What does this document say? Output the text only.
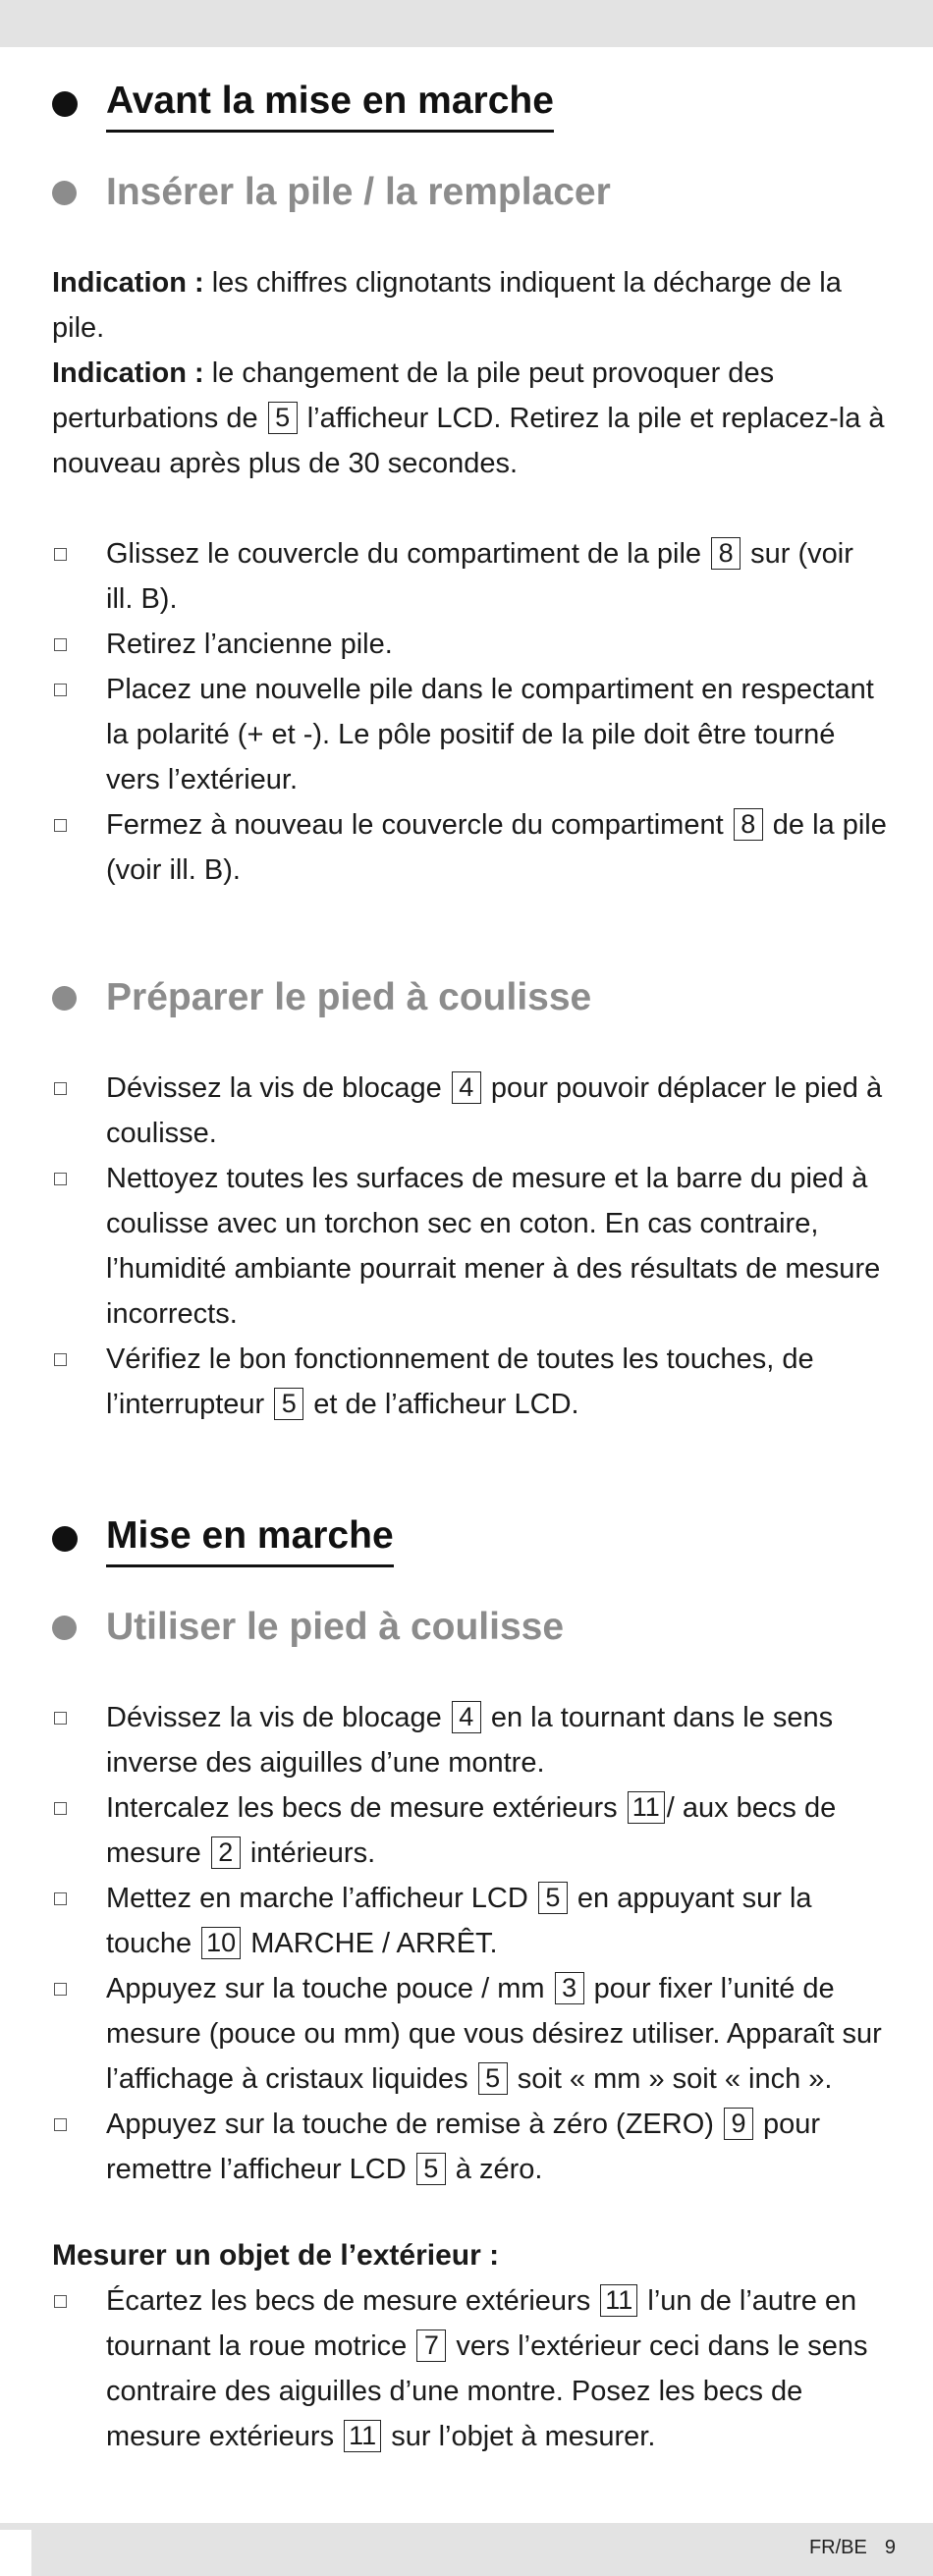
Avant la mise en marche
Insérer la pile / la remplacer

Indication : les chiffres clignotants indiquent la décharge de la pile.

Indication : le changement de la pile peut provoquer des perturbations de 5 l’afficheur LCD. Retirez la pile et replacez-la à nouveau après plus de 30 secondes.

Glissez le couvercle du compartiment de la pile 8 sur (voir ill. B).
Retirez l’ancienne pile.
Placez une nouvelle pile dans le compartiment en respectant la polarité (+ et -). Le pôle positif de la pile doit être tourné vers l’extérieur.
Fermez à nouveau le couvercle du compartiment 8 de la pile (voir ill. B).
Préparer le pied à coulisse
Dévissez la vis de blocage 4 pour pouvoir déplacer le pied à coulisse.
Nettoyez toutes les surfaces de mesure et la barre du pied à coulisse avec un torchon sec en coton. En cas contraire, l’humidité ambiante pourrait mener à des résultats de mesure incorrects.
Vérifiez le bon fonctionnement de toutes les touches, de l’interrupteur 5 et de l’afficheur LCD.
Mise en marche
Utiliser le pied à coulisse
Dévissez la vis de blocage 4 en la tournant dans le sens inverse des aiguilles d’une montre.
Intercalez les becs de mesure extérieurs 11 / aux becs de mesure 2 intérieurs.
Mettez en marche l’afficheur LCD 5 en appuyant sur la touche 10 MARCHE / ARRÊT.
Appuyez sur la touche pouce / mm 3 pour fixer l’unité de mesure (pouce ou mm) que vous désirez utiliser. Apparaît sur l’affichage à cristaux liquides 5 soit « mm » soit « inch ».
Appuyez sur la touche de remise à zéro (ZERO) 9 pour remettre l’afficheur LCD 5 à zéro.

Mesurer un objet de l’extérieur :

Écartez les becs de mesure extérieurs 11 l’un de l’autre en tournant la roue motrice 7 vers l’extérieur ceci dans le sens contraire des aiguilles d’une montre. Posez les becs de mesure extérieurs 11 sur l’objet à mesurer.
FR/BE 9
